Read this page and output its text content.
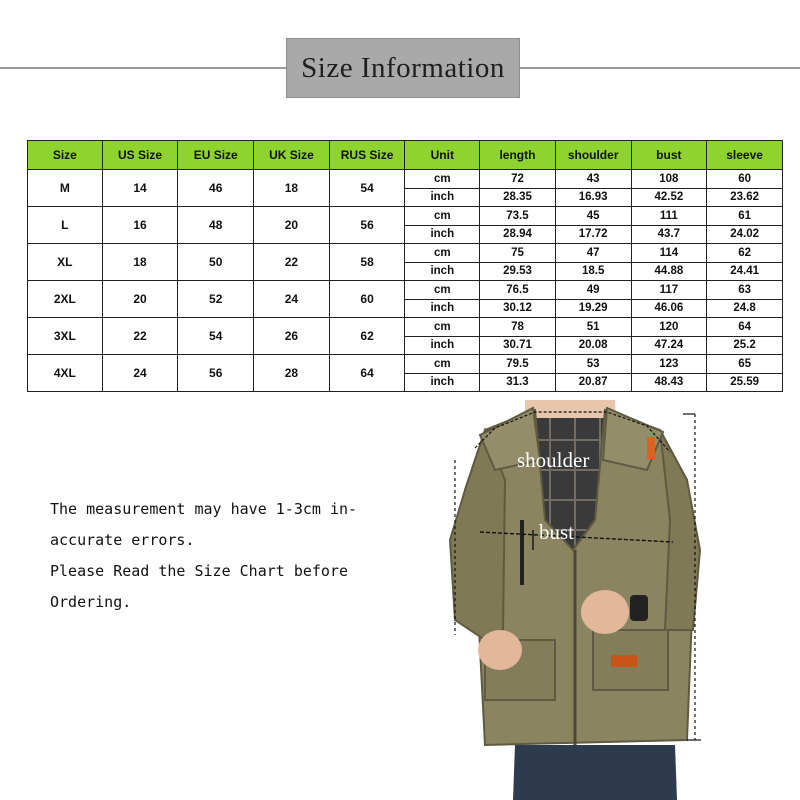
Size Information
Size	US Size	EU Size	UK Size	RUS Size	Unit	length	shoulder	bust	sleeve
M	14	46	18	54	cm	72	43	108	60
					inch	28.35	16.93	42.52	23.62
L	16	48	20	56	cm	73.5	45	111	61
					inch	28.94	17.72	43.7	24.02
XL	18	50	22	58	cm	75	47	114	62
					inch	29.53	18.5	44.88	24.41
2XL	20	52	24	60	cm	76.5	49	117	63
					inch	30.12	19.29	46.06	24.8
3XL	22	54	26	62	cm	78	51	120	64
					inch	30.71	20.08	47.24	25.2
4XL	24	56	28	64	cm	79.5	53	123	65
					inch	31.3	20.87	48.43	25.59
The measurement may have 1-3cm in-
accurate errors.
Please Read the Size Chart before
Ordering.
shoulder
bust
sleeve	length
